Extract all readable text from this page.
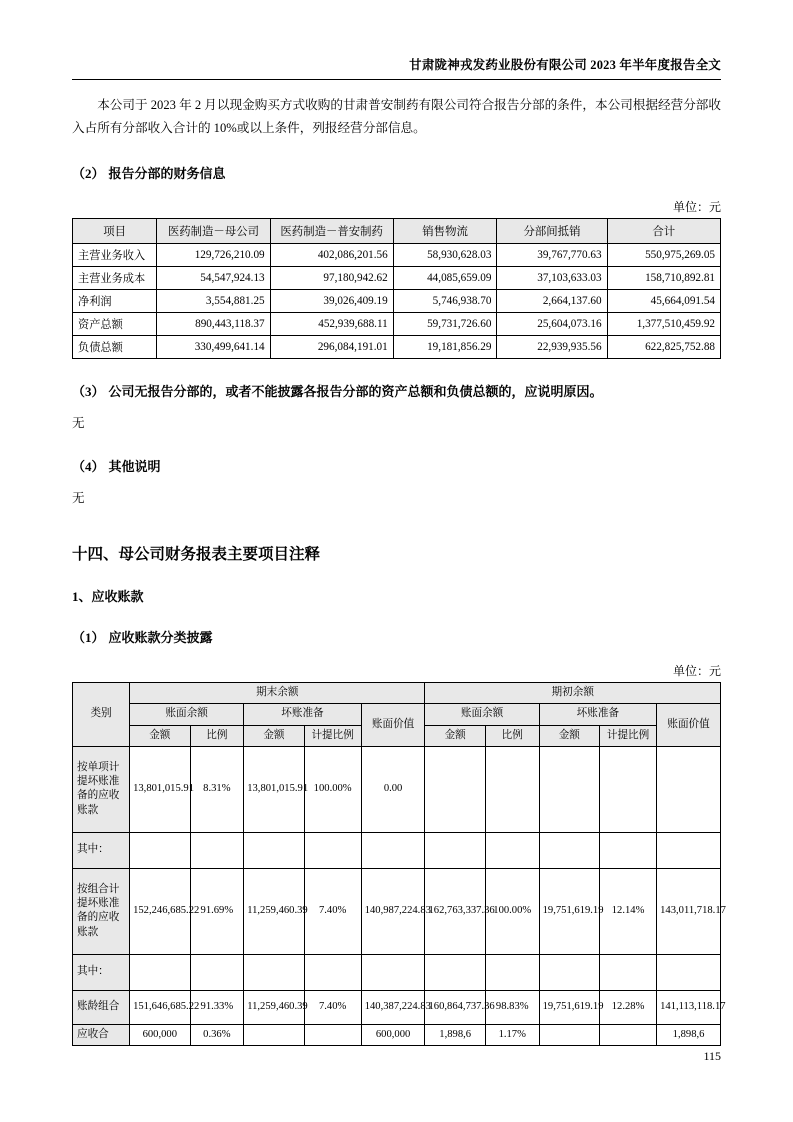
甘肃陇神戎发药业股份有限公司 2023 年半年度报告全文
本公司于 2023 年 2 月以现金购买方式收购的甘肃普安制药有限公司符合报告分部的条件，本公司根据经营分部收入占所有分部收入合计的 10%或以上条件，列报经营分部信息。
（2） 报告分部的财务信息
单位：元
项目	医药制造－母公司	医药制造－普安制药	销售物流	分部间抵销	合计
主营业务收入	129,726,210.09	402,086,201.56	58,930,628.03	39,767,770.63	550,975,269.05
主营业务成本	54,547,924.13	97,180,942.62	44,085,659.09	37,103,633.03	158,710,892.81
净利润	3,554,881.25	39,026,409.19	5,746,938.70	2,664,137.60	45,664,091.54
资产总额	890,443,118.37	452,939,688.11	59,731,726.60	25,604,073.16	1,377,510,459.92
负债总额	330,499,641.14	296,084,191.01	19,181,856.29	22,939,935.56	622,825,752.88
（3） 公司无报告分部的，或者不能披露各报告分部的资产总额和负债总额的，应说明原因。
无
（4） 其他说明
无
十四、母公司财务报表主要项目注释
1、应收账款
（1） 应收账款分类披露
单位：元
类别	期末余额					期初余额				
	账面余额		坏账准备		账面价值	账面余额		坏账准备		账面价值
	金额	比例	金额	计提比例		金额	比例	金额	计提比例	
按单项计提坏账准备的应收账款	13,801,015.91	8.31%	13,801,015.91	100.00%	0.00					
其中：										
按组合计提坏账准备的应收账款	152,246,685.22	91.69%	11,259,460.39	7.40%	140,987,224.83	162,763,337.36	100.00%	19,751,619.19	12.14%	143,011,718.17
其中：										
账龄组合	151,646,685.22	91.33%	11,259,460.39	7.40%	140,387,224.83	160,864,737.36	98.83%	19,751,619.19	12.28%	141,113,118.17
应收合	600,000	0.36%			600,000	1,898,6	1.17%			1,898,6
115
